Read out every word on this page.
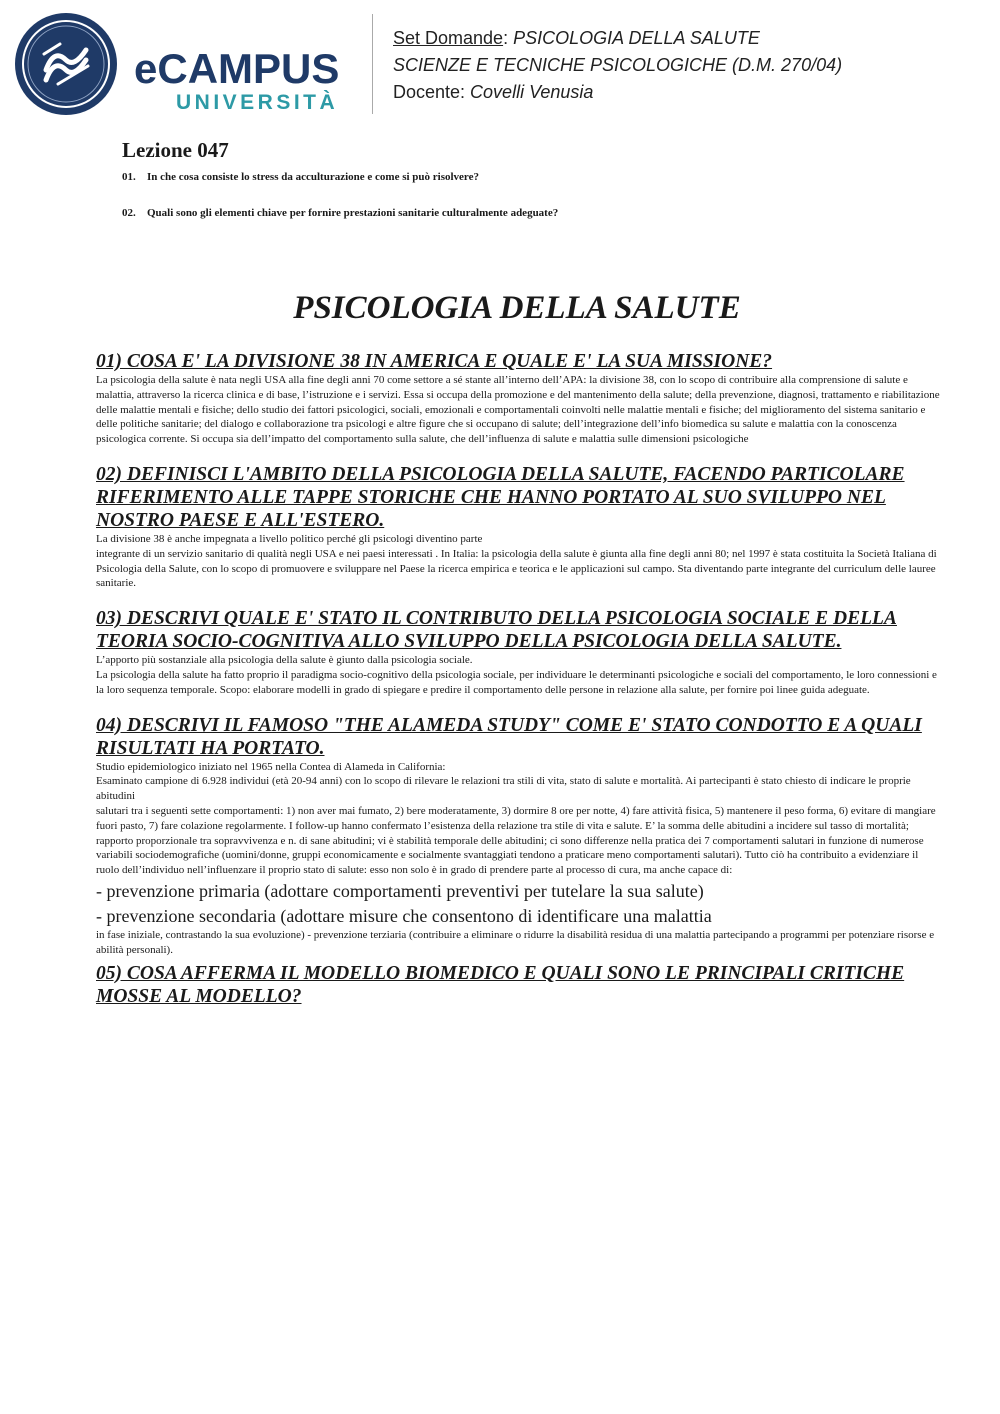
eCAMPUS
UNIVERSITÀ
Set Domande: PSICOLOGIA DELLA SALUTE
SCIENZE E TECNICHE PSICOLOGICHE (D.M. 270/04)
Docente: Covelli Venusia
Lezione 047

01. In che cosa consiste lo stress da acculturazione e come si può risolvere?

02. Quali sono gli elementi chiave per fornire prestazioni sanitarie culturalmente adeguate?

PSICOLOGIA DELLA SALUTE
01) COSA E' LA DIVISIONE 38 IN AMERICA E QUALE E' LA SUA MISSIONE?

La psicologia della salute è nata negli USA alla fine degli anni 70 come settore a sé stante all’interno dell’APA: la divisione 38, con lo scopo di contribuire alla comprensione di salute e

malattia, attraverso la ricerca clinica e di base, l’istruzione e i servizi. Essa si occupa della promozione e del mantenimento della salute; della prevenzione, diagnosi, trattamento e riabilitazione delle malattie mentali e fisiche; dello studio dei fattori psicologici, sociali, emozionali e comportamentali coinvolti nelle malattie mentali e fisiche; del miglioramento del sistema sanitario e delle politiche sanitarie; del dialogo e collaborazione tra psicologi e altre figure che si occupano di salute; dell’integrazione dell’info biomedica su salute e malattia con la conoscenza psicologica corrente. Si occupa sia dell’impatto del comportamento sulla salute, che dell’influenza di salute e malattia sulle dimensioni psicologiche

02) DEFINISCI L'AMBITO DELLA PSICOLOGIA DELLA SALUTE, FACENDO PARTICOLARE RIFERIMENTO ALLE TAPPE STORICHE CHE HANNO PORTATO AL SUO SVILUPPO NEL NOSTRO PAESE E ALL'ESTERO.

La divisione 38 è anche impegnata a livello politico perché gli psicologi diventino parte

integrante di un servizio sanitario di qualità negli USA e nei paesi interessati . In Italia: la psicologia della salute è giunta alla fine degli anni 80; nel 1997 è stata costituita la Società Italiana di Psicologia della Salute, con lo scopo di promuovere e sviluppare nel Paese la ricerca empirica e teorica e le applicazioni sul campo. Sta diventando parte integrante del curriculum delle lauree sanitarie.

03) DESCRIVI QUALE E' STATO IL CONTRIBUTO DELLA PSICOLOGIA SOCIALE E DELLA TEORIA SOCIO-COGNITIVA ALLO SVILUPPO DELLA PSICOLOGIA DELLA SALUTE.

L’apporto più sostanziale alla psicologia della salute è giunto dalla psicologia sociale.

La psicologia della salute ha fatto proprio il paradigma socio-cognitivo della psicologia sociale, per individuare le determinanti psicologiche e sociali del comportamento, le loro connessioni e la loro sequenza temporale. Scopo: elaborare modelli in grado di spiegare e predire il comportamento delle persone in relazione alla salute, per fornire poi linee guida adeguate.

04) DESCRIVI IL FAMOSO "THE ALAMEDA STUDY" COME E' STATO CONDOTTO E A QUALI RISULTATI HA PORTATO.

Studio epidemiologico iniziato nel 1965 nella Contea di Alameda in California:

Esaminato campione di 6.928 individui (età 20-94 anni) con lo scopo di rilevare le relazioni tra stili di vita, stato di salute e mortalità. Ai partecipanti è stato chiesto di indicare le proprie abitudini

salutari tra i seguenti sette comportamenti: 1) non aver mai fumato, 2) bere moderatamente, 3) dormire 8 ore per notte, 4) fare attività fisica, 5) mantenere il peso forma, 6) evitare di mangiare fuori pasto, 7) fare colazione regolarmente. I follow-up hanno confermato l’esistenza della relazione tra stile di vita e salute. E’ la somma delle abitudini a incidere sul tasso di mortalità; rapporto proporzionale tra sopravvivenza e n. di sane abitudini; vi è stabilità temporale delle abitudini; ci sono differenze nella pratica dei 7 comportamenti salutari in funzione di numerose variabili sociodemografiche (uomini/donne, gruppi economicamente e socialmente svantaggiati tendono a praticare meno comportamenti salutari). Tutto ciò ha contribuito a evidenziare il ruolo dell’individuo nell’influenzare il proprio stato di salute: esso non solo è in grado di prendere parte al processo di cura, ma anche capace di:

- prevenzione primaria (adottare comportamenti preventivi per tutelare la sua salute)

- prevenzione secondaria (adottare misure che consentono di identificare una malattia

in fase iniziale, contrastando la sua evoluzione) - prevenzione terziaria (contribuire a eliminare o ridurre la disabilità residua di una malattia partecipando a programmi per potenziare risorse e abilità personali).

05) COSA AFFERMA IL MODELLO BIOMEDICO E QUALI SONO LE PRINCIPALI CRITICHE MOSSE AL MODELLO?
